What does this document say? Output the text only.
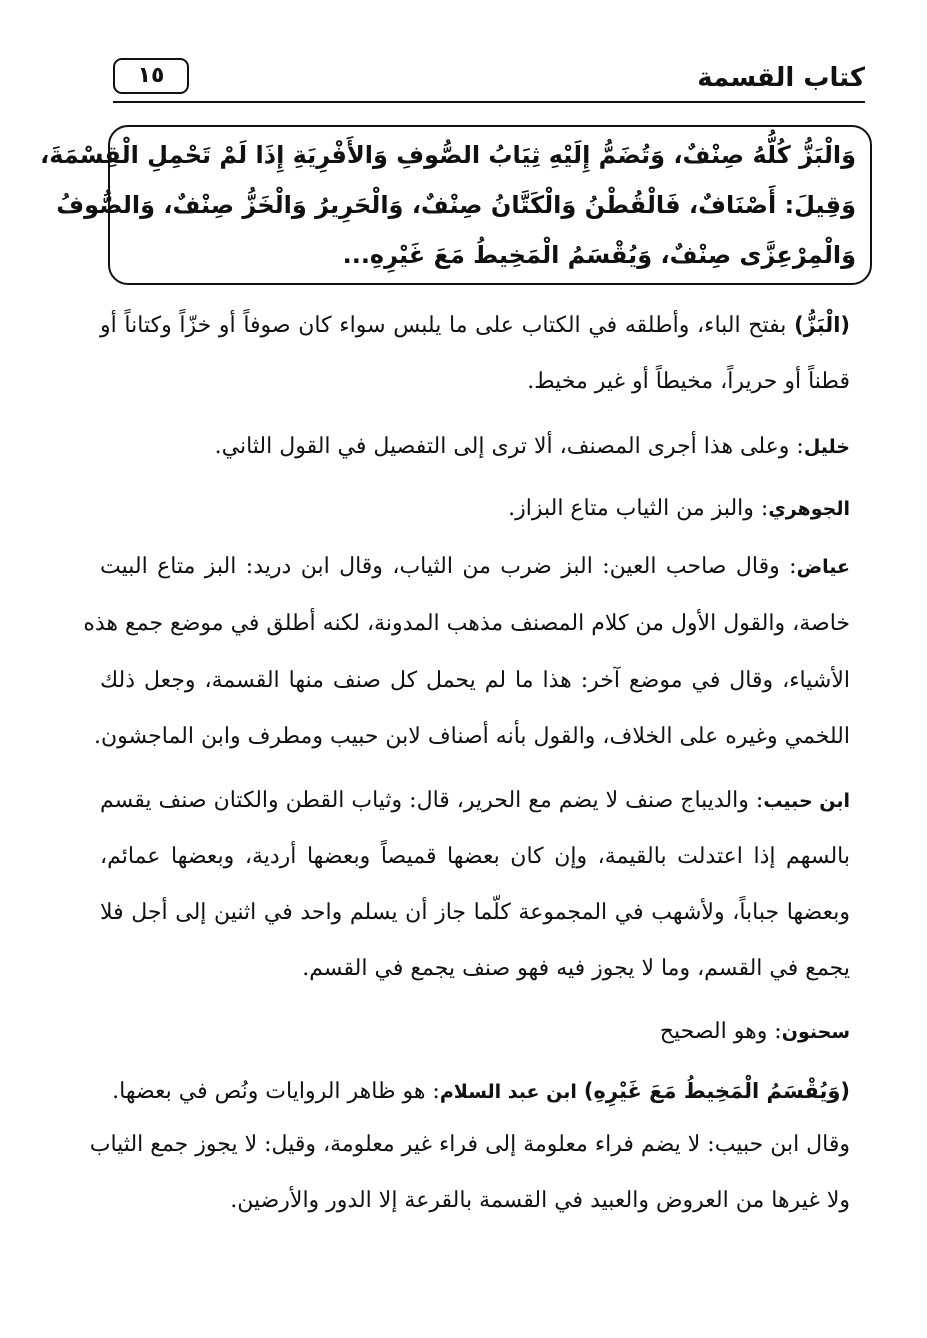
كتاب القسمة
١٥
وَالْبَزُّ كُلُّهُ صِنْفٌ، وَتُضَمُّ إِلَيْهِ ثِيَابُ الصُّوفِ وَالأَفْرِيَةِ إِذَا لَمْ تَحْمِلِ الْقِسْمَةَ،
وَقِيلَ: أَصْنَافٌ، فَالْقُطْنُ وَالْكَتَّانُ صِنْفٌ، وَالْحَرِيرُ وَالْخَزُّ صِنْفٌ، وَالصُّوفُ
وَالْمِرْعِزَّى صِنْفٌ، وَيُقْسَمُ الْمَخِيطُ مَعَ غَيْرِهِ...
(الْبَزُّ) بفتح الباء، وأطلقه في الكتاب على ما يلبس سواء كان صوفاً أو خزّاً وكتاناً أو
قطناً أو حريراً، مخيطاً أو غير مخيط.
خليل: وعلى هذا أجرى المصنف، ألا ترى إلى التفصيل في القول الثاني.
الجوهري: والبز من الثياب متاع البزاز.
عياض: وقال صاحب العين: البز ضرب من الثياب، وقال ابن دريد: البز متاع البيت
خاصة، والقول الأول من كلام المصنف مذهب المدونة، لكنه أطلق في موضع جمع هذه
الأشياء، وقال في موضع آخر: هذا ما لم يحمل كل صنف منها القسمة، وجعل ذلك
اللخمي وغيره على الخلاف، والقول بأنه أصناف لابن حبيب ومطرف وابن الماجشون.
ابن حبيب: والديباج صنف لا يضم مع الحرير، قال: وثياب القطن والكتان صنف يقسم
بالسهم إذا اعتدلت بالقيمة، وإن كان بعضها قميصاً وبعضها أردية، وبعضها عمائم،
وبعضها جباباً، ولأشهب في المجموعة كلّما جاز أن يسلم واحد في اثنين إلى أجل فلا
يجمع في القسم، وما لا يجوز فيه فهو صنف يجمع في القسم.
سحنون: وهو الصحيح
(وَيُقْسَمُ الْمَخِيطُ مَعَ غَيْرِهِ) ابن عبد السلام: هو ظاهر الروايات ونُص في بعضها.
وقال ابن حبيب: لا يضم فراء معلومة إلى فراء غير معلومة، وقيل: لا يجوز جمع الثياب
ولا غيرها من العروض والعبيد في القسمة بالقرعة إلا الدور والأرضين.
